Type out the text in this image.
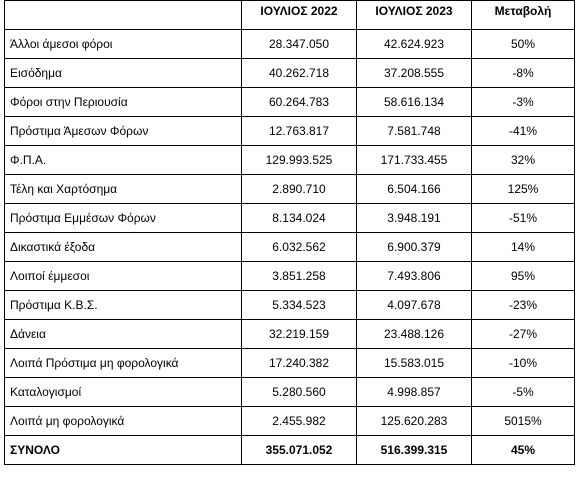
	ΙΟΥΛΙΟΣ 2022	ΙΟΥΛΙΟΣ 2023	Μεταβολή
Άλλοι άμεσοι φόροι	28.347.050	42.624.923	50%
Εισόδημα	40.262.718	37.208.555	-8%
Φόροι στην Περιουσία	60.264.783	58.616.134	-3%
Πρόστιμα Άμεσων Φόρων	12.763.817	7.581.748	-41%
Φ.Π.Α.	129.993.525	171.733.455	32%
Τέλη και Χαρτόσημα	2.890.710	6.504.166	125%
Πρόστιμα Εμμέσων Φόρων	8.134.024	3.948.191	-51%
Δικαστικά έξοδα	6.032.562	6.900.379	14%
Λοιποί έμμεσοι	3.851.258	7.493.806	95%
Πρόστιμα Κ.Β.Σ.	5.334.523	4.097.678	-23%
Δάνεια	32.219.159	23.488.126	-27%
Λοιπά Πρόστιμα μη φορολογικά	17.240.382	15.583.015	-10%
Καταλογισμοί	5.280.560	4.998.857	-5%
Λοιπά μη φορολογικά	2.455.982	125.620.283	5015%
ΣΥΝΟΛΟ	355.071.052	516.399.315	45%
